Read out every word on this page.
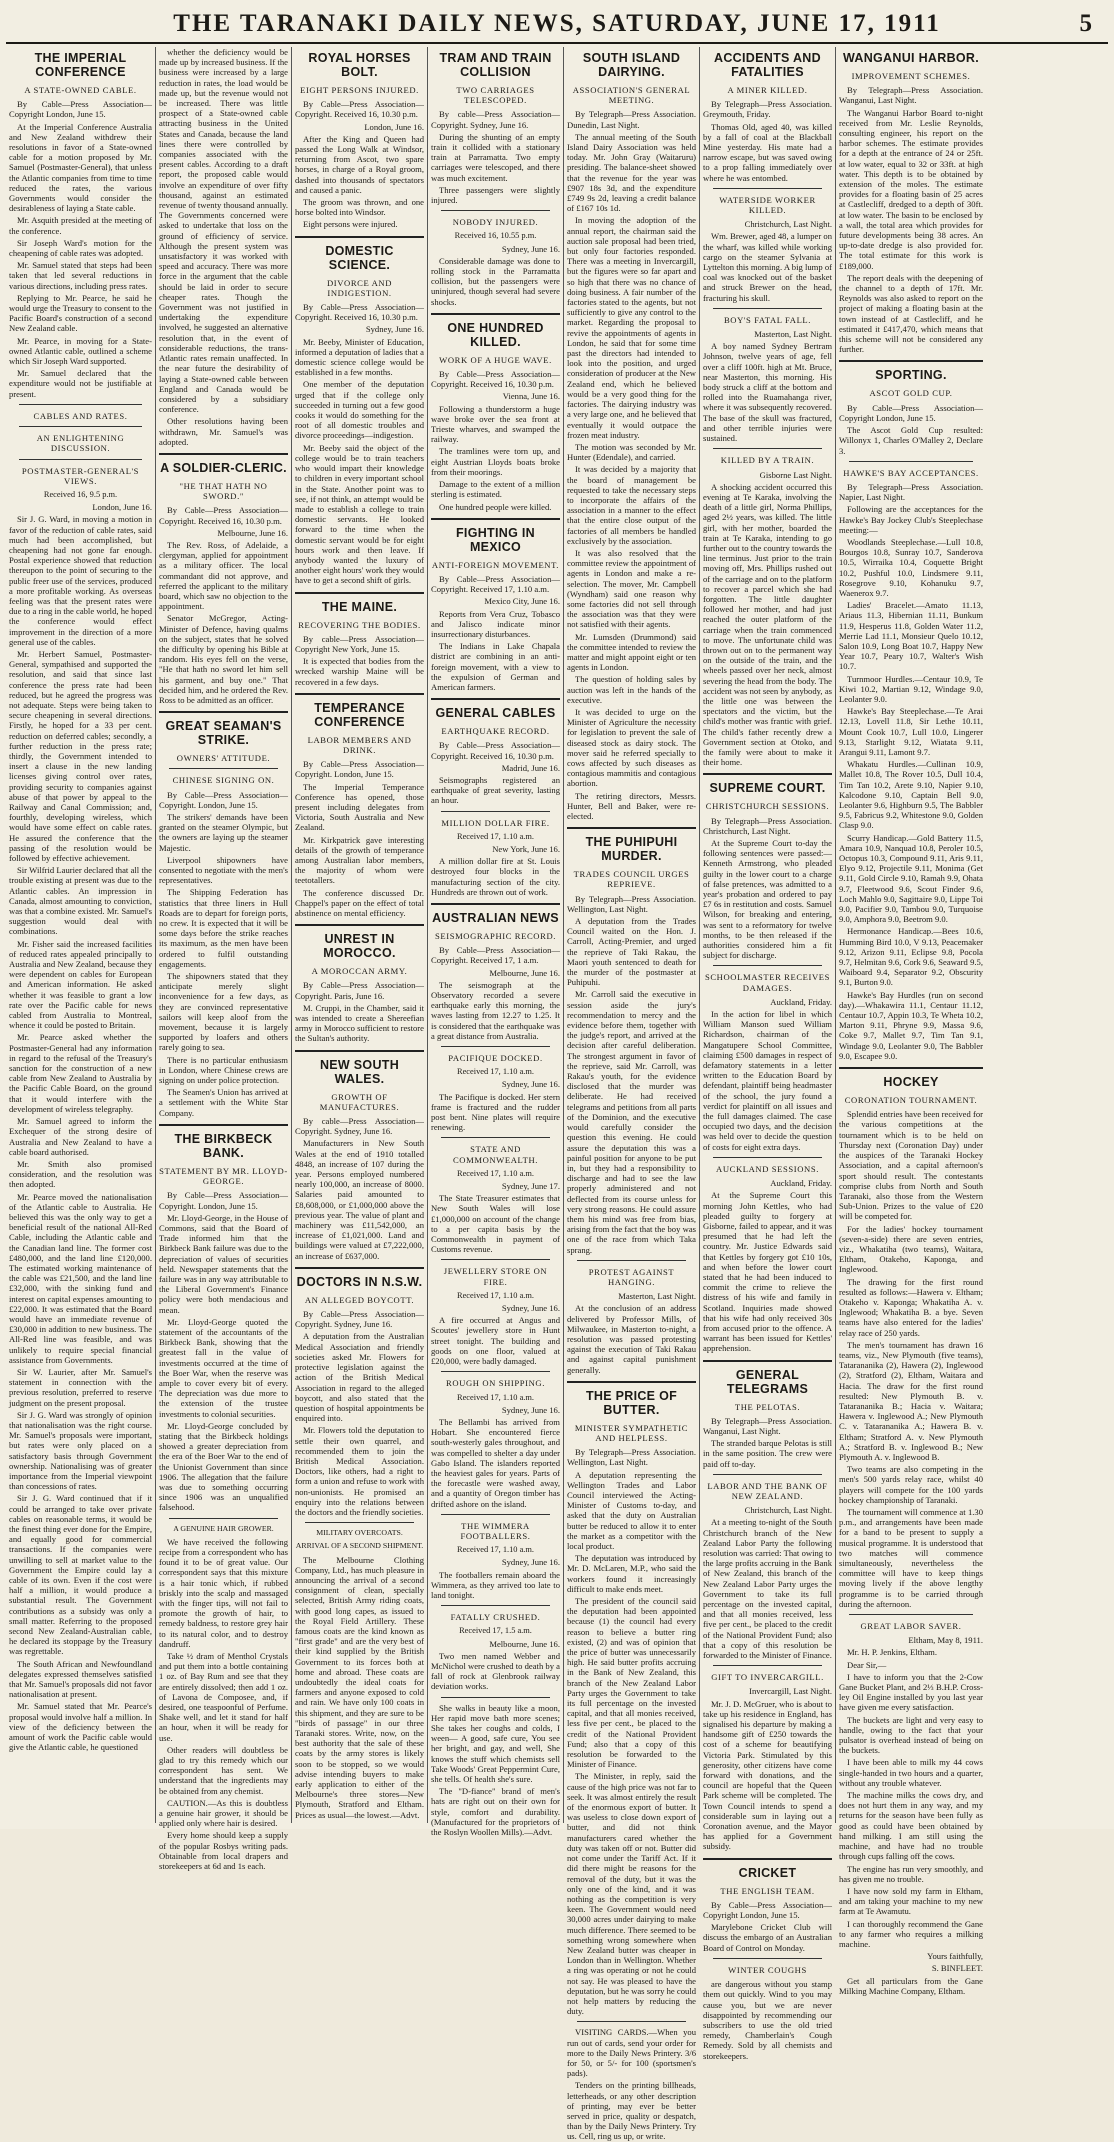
THE TARANAKI DAILY NEWS, SATURDAY, JUNE 17, 1911	5
THE IMPERIAL CONFERENCE
A STATE-OWNED CABLE.
By Cable—Press Association—Copyright London, June 15.
At the Imperial Conference Australia and New Zealand withdrew their resolutions in favor of a State-owned cable for a motion proposed by Mr. Samuel (Postmaster-General), that unless the Atlantic companies from time to time reduced the rates, the various Governments would consider the desirableness of laying a State cable.
Mr. Asquith presided at the meeting of the conference.
Sir Joseph Ward's motion for the cheapening of cable rates was adopted.
Mr. Samuel stated that steps had been taken that led several reductions in various directions, including press rates.
Replying to Mr. Pearce, he said he would urge the Treasury to consent to the Pacific Board's construction of a second New Zealand cable.
Mr. Pearce, in moving for a State-owned Atlantic cable, outlined a scheme which Sir Joseph Ward supported.
Mr. Samuel declared that the expenditure would not be justifiable at present.
CABLES AND RATES.
AN ENLIGHTENING DISCUSSION.
POSTMASTER-GENERAL'S VIEWS.
Received 16, 9.5 p.m.
London, June 16.
Sir J. G. Ward, in moving a motion in favor of the reduction of cable rates, said much had been accomplished, but cheapening had not gone far enough. Postal experience showed that reduction thereupon to the point of securing to the public freer use of the services, produced a more profitable working. As overseas feeling was that the present rates were due to a ring in the cable world, he hoped the conference would effect improvement in the direction of a more general use of the cables.
Mr. Herbert Samuel, Postmaster-General, sympathised and supported the resolution, and said that since last conference the press rate had been reduced, but he agreed the progress was not adequate. Steps were being taken to secure cheapening in several directions. Firstly, he hoped for a 33 per cent. reduction on deferred cables; secondly, a further reduction in the press rate; thirdly, the Government intended to insert a clause in the new landing licenses giving control over rates, providing security to companies against abuse of that power by appeal to the Railway and Canal Commission; and, fourthly, developing wireless, which would have some effect on cable rates. He assured the conference that the passing of the resolution would be followed by effective achievement.
Sir Wilfrid Laurier declared that all the trouble existing at present was due to the Atlantic cables. An impression in Canada, almost amounting to conviction, was that a combine existed. Mr. Samuel's suggestion would deal with combinations.
Mr. Fisher said the increased facilities of reduced rates appealed principally to Australia and New Zealand, because they were dependent on cables for European and American information. He asked whether it was feasible to grant a low rate over the Pacific cable for news cabled from Australia to Montreal, whence it could be posted to Britain.
Mr. Pearce asked whether the Postmaster-General had any information in regard to the refusal of the Treasury's sanction for the construction of a new cable from New Zealand to Australia by the Pacific Cable Board, on the ground that it would interfere with the development of wireless telegraphy.
Mr. Samuel agreed to inform the Exchequer of the strong desire of Australia and New Zealand to have a cable board authorised.
Mr. Smith also promised consideration, and the resolution was then adopted.
Mr. Pearce moved the nationalisation of the Atlantic cable to Australia. He believed this was the only way to get a beneficial result of the national All-Red Cable, including the Atlantic cable and the Canadian land line. The former cost £480,000, and the land line £120,000. The estimated working maintenance of the cable was £21,500, and the land line £32,000, with the sinking fund and interest on capital expenses amounting to £22,000. It was estimated that the Board would have an immediate revenue of £30,000 in addition to new business. The All-Red line was feasible, and was unlikely to require special financial assistance from Governments.
Sir W. Laurier, after Mr. Samuel's statement in connection with the previous resolution, preferred to reserve judgment on the present proposal.
Sir J. G. Ward was strongly of opinion that nationalisation was the right course. Mr. Samuel's proposals were important, but rates were only placed on a satisfactory basis through Government ownership. Nationalising was of greater importance from the Imperial viewpoint than concessions of rates.
Sir J. G. Ward continued that if it could be arranged to take over private cables on reasonable terms, it would be the finest thing ever done for the Empire, and equally good for commercial transactions. If the companies were unwilling to sell at market value to the Government the Empire could lay a cable of its own. Even if the cost were half a million, it would produce a substantial result. The Government contributions as a subsidy was only a small matter. Referring to the proposed second New Zealand-Australian cable, he declared its stoppage by the Treasury was regrettable.
The South African and Newfoundland delegates expressed themselves satisfied that Mr. Samuel's proposals did not favor nationalisation at present.
Mr. Samuel stated that Mr. Pearce's proposal would involve half a million. In view of the deficiency between the amount of work the Pacific cable would give the Atlantic cable, he questioned
whether the deficiency would be made up by increased business. If the business were increased by a large reduction in rates, the load would be made up, but the revenue would not be increased. There was little prospect of a State-owned cable attracting business in the United States and Canada, because the land lines there were controlled by companies associated with the present cables. According to a draft report, the proposed cable would involve an expenditure of over fifty thousand, against an estimated revenue of twenty thousand annually. The Governments concerned were asked to undertake that loss on the ground of efficiency of service. Although the present system was unsatisfactory it was worked with speed and accuracy. There was more force in the argument that the cable should be laid in order to secure cheaper rates. Though the Government was not justified in undertaking the expenditure involved, he suggested an alternative resolution that, in the event of considerable reductions, the trans-Atlantic rates remain unaffected. In the near future the desirability of laying a State-owned cable between England and Canada would be considered by a subsidiary conference.
Other resolutions having been withdrawn, Mr. Samuel's was adopted.
A SOLDIER-CLERIC.
"HE THAT HATH NO SWORD."
By Cable—Press Association—Copyright. Received 16, 10.30 p.m.
Melbourne, June 16.
The Rev. Ross, of Adelaide, a clergyman, applied for appointment as a military officer. The local commandant did not approve, and referred the applicant to the military board, which saw no objection to the appointment.
Senator McGregor, Acting-Minister of Defence, having qualms on the subject, states that he solved the difficulty by opening his Bible at random. His eyes fell on the verse, "He that hath no sword let him sell his garment, and buy one." That decided him, and he ordered the Rev. Ross to be admitted as an officer.
GREAT SEAMAN'S STRIKE.
OWNERS' ATTITUDE.
CHINESE SIGNING ON.
By Cable—Press Association—Copyright. London, June 15.
The strikers' demands have been granted on the steamer Olympic, but the owners are laying up the steamer Majestic.
Liverpool shipowners have consented to negotiate with the men's representatives.
The Shipping Federation has statistics that three liners in Hull Roads are to depart for foreign ports, no crew. It is expected that it will be some days before the strike reaches its maximum, as the men have been ordered to fulfil outstanding engagements.
The shipowners stated that they anticipate merely slight inconvenience for a few days, as they are convinced representative sailors will keep aloof from the movement, because it is largely supported by loafers and others rarely going to sea.
There is no particular enthusiasm in London, where Chinese crews are signing on under police protection.
The Seamen's Union has arrived at a settlement with the White Star Company.
THE BIRKBECK BANK.
STATEMENT BY MR. LLOYD-GEORGE.
By Cable—Press Association—Copyright. London, June 15.
Mr. Lloyd-George, in the House of Commons, said that the Board of Trade informed him that the Birkbeck Bank failure was due to the depreciation of values of securities held. Newspaper statements that the failure was in any way attributable to the Liberal Government's Finance policy were both mendacious and mean.
Mr. Lloyd-George quoted the statement of the accountants of the Birkbeck Bank, showing that the greatest fall in the value of investments occurred at the time of the Boer War, when the reserve was ample to cover every bit of every. The depreciation was due more to the extension of the trustee investments to colonial securities.
Mr. Lloyd-George concluded by stating that the Birkbeck holdings showed a greater depreciation from the era of the Boer War to the end of the Unionist Government than since 1906. The allegation that the failure was due to something occurring since 1906 was an unqualified falsehood.
A GENUINE HAIR GROWER.
We have received the following recipe from a correspondent who has found it to be of great value. Our correspondent says that this mixture is a hair tonic which, if rubbed briskly into the scalp and massaged with the finger tips, will not fail to promote the growth of hair, to remedy baldness, to restore grey hair to its natural color, and to destroy dandruff.
Take ½ dram of Menthol Crystals and put them into a bottle containing 1 oz. of Bay Rum and see that they are entirely dissolved; then add 1 oz. of Lavona de Composee, and, if desired, one teaspoonful of Perfume. Shake well, and let it stand for half an hour, when it will be ready for use.
Other readers will doubtless be glad to try this remedy which our correspondent has sent. We understand that the ingredients may be obtained from any chemist.
CAUTION.—As this is doubtless a genuine hair grower, it should be applied only where hair is desired.
Every home should keep a supply of the popular Rosbys writing pads. Obtainable from local drapers and storekeepers at 6d and 1s each.
ROYAL HORSES BOLT.
EIGHT PERSONS INJURED.
By Cable—Press Association—Copyright. Received 16, 10.30 p.m.
London, June 16.
After the King and Queen had passed the Long Walk at Windsor, returning from Ascot, two spare horses, in charge of a Royal groom, dashed into thousands of spectators and caused a panic.
The groom was thrown, and one horse bolted into Windsor.
Eight persons were injured.
DOMESTIC SCIENCE.
DIVORCE AND INDIGESTION.
By Cable—Press Association—Copyright. Received 16, 10.30 p.m.
Sydney, June 16.
Mr. Beeby, Minister of Education, informed a deputation of ladies that a domestic science college would be established in a few months.
One member of the deputation urged that if the college only succeeded in turning out a few good cooks it would do something for the root of all domestic troubles and divorce proceedings—indigestion.
Mr. Beeby said the object of the college would be to train teachers who would impart their knowledge to children in every important school in the State. Another point was to see, if not think, an attempt would be made to establish a college to train domestic servants. He looked forward to the time when the domestic servant would be for eight hours work and then leave. If anybody wanted the luxury of another eight hours' work they would have to get a second shift of girls.
THE MAINE.
RECOVERING THE BODIES.
By cable—Press Association—Copyright New York, June 15.
It is expected that bodies from the wrecked warship Maine will be recovered in a few days.
TEMPERANCE CONFERENCE
LABOR MEMBERS AND DRINK.
By Cable—Press Association—Copyright. London, June 15.
The Imperial Temperance Conference has opened, those present including delegates from Victoria, South Australia and New Zealand.
Mr. Kirkpatrick gave interesting details of the growth of temperance among Australian labor members, the majority of whom were teetotallers.
The conference discussed Dr. Chappel's paper on the effect of total abstinence on mental efficiency.
UNREST IN MOROCCO.
A MOROCCAN ARMY.
By Cable—Press Association—Copyright. Paris, June 16.
M. Cruppi, in the Chamber, said it was intended to create a Shereefian army in Morocco sufficient to restore the Sultan's authority.
NEW SOUTH WALES.
GROWTH OF MANUFACTURES.
By cable—Press Association—Copyright. Sydney, June 16.
Manufacturers in New South Wales at the end of 1910 totalled 4848, an increase of 107 during the year. Persons employed numbered nearly 100,000, an increase of 8000. Salaries paid amounted to £8,608,000, or £1,000,000 above the previous year. The value of plant and machinery was £11,542,000, an increase of £1,021,000. Land and buildings were valued at £7,222,000, an increase of £637,000.
DOCTORS IN N.S.W.
AN ALLEGED BOYCOTT.
By Cable—Press Association—Copyright. Sydney, June 16.
A deputation from the Australian Medical Association and friendly societies asked Mr. Flowers for protective legislation against the action of the British Medical Association in regard to the alleged boycott, and also stated that the question of hospital appointments be enquired into.
Mr. Flowers told the deputation to settle their own quarrel, and recommended them to join the British Medical Association. Doctors, like others, had a right to form a union and refuse to work with non-unionists. He promised an enquiry into the relations between the doctors and the friendly societies.
MILITARY OVERCOATS.
ARRIVAL OF A SECOND SHIPMENT.
The Melbourne Clothing Company, Ltd., has much pleasure in announcing the arrival of a second consignment of clean, specially selected, British Army riding coats, with good long capes, as issued to the Royal Field Artillery. These famous coats are the kind known as "first grade" and are the very best of their kind supplied by the British Government to its forces both at home and abroad. These coats are undoubtedly the ideal coats for farmers and anyone exposed to cold and rain. We have only 100 coats in this shipment, and they are sure to be "birds of passage" in our three Taranaki stores. Write, now, on the best authority that the sale of these coats by the army stores is likely soon to be stopped, so we would advise intending buyers to make early application to either of the Melbourne's three stores—New Plymouth, Stratford and Eltham. Prices as usual—the lowest.—Advt.
TRAM AND TRAIN COLLISION
TWO CARRIAGES TELESCOPED.
By cable—Press Association—Copyright. Sydney, June 16.
During the shunting of an empty train it collided with a stationary train at Parramatta. Two empty carriages were telescoped, and there was much excitement.
Three passengers were slightly injured.
NOBODY INJURED.
Received 16, 10.55 p.m.
Sydney, June 16.
Considerable damage was done to rolling stock in the Parramatta collision, but the passengers were uninjured, though several had severe shocks.
ONE HUNDRED KILLED.
WORK OF A HUGE WAVE.
By Cable—Press Association—Copyright. Received 16, 10.30 p.m.
Vienna, June 16.
Following a thunderstorm a huge wave broke over the sea front at Trieste wharves, and swamped the railway.
The tramlines were torn up, and eight Austrian Lloyds boats broke from their moorings.
Damage to the extent of a million sterling is estimated.
One hundred people were killed.
FIGHTING IN MEXICO
ANTI-FOREIGN MOVEMENT.
By Cable—Press Association—Copyright. Received 17, 1.10 a.m.
Mexico City, June 16.
Reports from Vera Cruz, Tobasco and Jalisco indicate minor insurrectionary disturbances.
The Indians in Lake Chapala district are combining in an anti-foreign movement, with a view to the expulsion of German and American farmers.
GENERAL CABLES
EARTHQUAKE RECORD.
By Cable—Press Association—Copyright. Received 16, 10.30 p.m.
Madrid, June 16.
Seismographs registered an earthquake of great severity, lasting an hour.
MILLION DOLLAR FIRE.
Received 17, 1.10 a.m.
New York, June 16.
A million dollar fire at St. Louis destroyed four blocks in the manufacturing section of the city. Hundreds are thrown out of work.
AUSTRALIAN NEWS
SEISMOGRAPHIC RECORD.
By Cable—Press Association—Copyright. Received 17, 1 a.m.
Melbourne, June 16.
The seismograph at the Observatory recorded a severe earthquake early this morning, the waves lasting from 12.27 to 1.25. It is considered that the earthquake was a great distance from Australia.
PACIFIQUE DOCKED.
Received 17, 1.10 a.m.
Sydney, June 16.
The Pacifique is docked. Her stern frame is fractured and the rudder post bent. Nine plates will require renewing.
STATE AND COMMONWEALTH.
Received 17, 1.10 a.m.
Sydney, June 17.
The State Treasurer estimates that New South Wales will lose £1,000,000 on account of the change to a per capita basis by the Commonwealth in payment of Customs revenue.
JEWELLERY STORE ON FIRE.
Received 17, 1.10 a.m.
Sydney, June 16.
A fire occurred at Angus and Scoutes' jewellery store in Hunt street tonight. The building and goods on one floor, valued at £20,000, were badly damaged.
ROUGH ON SHIPPING.
Received 17, 1.10 a.m.
Sydney, June 16.
The Bellambi has arrived from Hobart. She encountered fierce south-westerly gales throughout, and was compelled to shelter a day under Gabo Island. The islanders reported the heaviest gales for years. Parts of the forecastle were washed away, and a quantity of Oregon timber has drifted ashore on the island.
THE WIMMERA FOOTBALLERS.
Received 17, 1.10 a.m.
Sydney, June 16.
The footballers remain aboard the Wimmera, as they arrived too late to land tonight.
FATALLY CRUSHED.
Received 17, 1.5 a.m.
Melbourne, June 16.
Two men named Webber and McNichol were crushed to death by a fall of rock at Glenbrook railway deviation works.
She walks in beauty like a moon, Her rapid move bath more scenes; She takes her coughs and colds, I ween— A good, safe cure, You see her bright, and gay, and well, She knows the stuff which chemists sell Take Woods' Great Peppermint Cure, she tells. Of health she's sure.
The "D-fiance" brand of men's hats are right out on their own for style, comfort and durability. (Manufactured for the proprietors of the Roslyn Woollen Mills).—Advt.
SOUTH ISLAND DAIRYING.
ASSOCIATION'S GENERAL MEETING.
By Telegraph—Press Association. Dunedin, Last Night.
The annual meeting of the South Island Dairy Association was held today. Mr. John Gray (Waitaruru) presiding. The balance-sheet showed that the revenue for the year was £907 18s 3d, and the expenditure £749 9s 2d, leaving a credit balance of £167 10s 1d.
In moving the adoption of the annual report, the chairman said the auction sale proposal had been tried, but only four factories responded. There was a meeting in Invercargill, but the figures were so far apart and so high that there was no chance of doing business. A fair number of the factories stated to the agents, but not sufficiently to give any control to the market. Regarding the proposal to revive the appointments of agents in London, he said that for some time past the directors had intended to look into the position, and urged consideration of producer at the New Zealand end, which he believed would be a very good thing for the factories. The dairying industry was a very large one, and he believed that eventually it would outpace the frozen meat industry.
The motion was seconded by Mr. Hunter (Edendale), and carried.
It was decided by a majority that the board of management be requested to take the necessary steps to incorporate the affairs of the association in a manner to the effect that the entire close output of the factories of all members be handled exclusively by the association.
It was also resolved that the committee review the appointment of agents in London and make a re-selection. The mover, Mr. Campbell (Wyndham) said one reason why some factories did not sell through the association was that they were not satisfied with their agents.
Mr. Lumsden (Drummond) said the committee intended to review the matter and might appoint eight or ten agents in London.
The question of holding sales by auction was left in the hands of the executive.
It was decided to urge on the Minister of Agriculture the necessity for legislation to prevent the sale of diseased stock as dairy stock. The mover said he referred specially to cows affected by such diseases as contagious mammitis and contagious abortion.
The retiring directors, Messrs. Hunter, Bell and Baker, were re-elected.
THE PUHIPUHI MURDER.
TRADES COUNCIL URGES REPRIEVE.
By Telegraph—Press Association. Wellington, Last Night.
A deputation from the Trades Council waited on the Hon. J. Carroll, Acting-Premier, and urged the reprieve of Taki Rakau, the Maori youth sentenced to death for the murder of the postmaster at Puhipuhi.
Mr. Carroll said the executive in session aside the jury's recommendation to mercy and the evidence before them, together with the judge's report, and arrived at the decision after careful deliberation. The strongest argument in favor of the reprieve, said Mr. Carroll, was Rakau's youth, for the evidence disclosed that the murder was deliberate. He had received telegrams and petitions from all parts of the Dominion, and the executive would carefully consider the question this evening. He could assure the deputation this was a painful position for anyone to be put in, but they had a responsibility to discharge and had to see the law properly administered and not deflected from its course unless for very strong reasons. He could assure them his mind was free from bias, arising from the fact that the boy was one of the race from which Taka sprang.
PROTEST AGAINST HANGING.
Masterton, Last Night.
At the conclusion of an address delivered by Professor Mills, of Milwaukee, in Masterton to-night, a resolution was passed protesting against the execution of Taki Rakau and against capital punishment generally.
THE PRICE OF BUTTER.
MINISTER SYMPATHETIC AND HELPLESS.
By Telegraph—Press Association. Wellington, Last Night.
A deputation representing the Wellington Trades and Labor Council interviewed the Acting-Minister of Customs to-day, and asked that the duty on Australian butter be reduced to allow it to enter the market as a competitor with the local product.
The deputation was introduced by Mr. D. McLaren, M.P., who said the workers found it increasingly difficult to make ends meet.
The president of the council said the deputation had been appointed because (1) the council had every reason to believe a butter ring existed, (2) and was of opinion that the price of butter was unnecessarily high. He said butter profits accruing in the Bank of New Zealand, this branch of the New Zealand Labor Party urges the Government to take its full percentage on the invested capital, and that all monies received, less five per cent., be placed to the credit of the National Provident Fund; also that a copy of this resolution be forwarded to the Minister of Finance.
The Minister, in reply, said the cause of the high price was not far to seek. It was almost entirely the result of the enormous export of butter. It was useless to close down export of butter, and did not think manufacturers cared whether the duty was taken off or not. Butter did not come under the Tariff Act. If it did there might be reasons for the removal of the duty, but it was the only one of the kind, and it was nothing as the competition is very keen. The Government would need 30,000 acres under dairying to make much difference. There seemed to be something wrong somewhere when New Zealand butter was cheaper in London than in Wellington. Whether a ring was operating or not he could not say. He was pleased to have the deputation, but he was sorry he could not help matters by reducing the duty.
VISITING CARDS.—When you run out of cards, send your order for more to the Daily News Printery. 3/6 for 50, or 5/- for 100 (sportsmen's pads).
Tenders on the printing billheads, letterheads, or any other description of printing, may ever be better served in price, quality or despatch, than by the Daily News Printery. Try us. Cell, ring us up, or write.
ACCIDENTS AND FATALITIES
A MINER KILLED.
By Telegraph—Press Association. Greymouth, Friday.
Thomas Old, aged 40, was killed by a fall of coal at the Blackball Mine yesterday. His mate had a narrow escape, but was saved owing to a prop falling immediately over where he was entombed.
WATERSIDE WORKER KILLED.
Christchurch, Last Night.
Wm. Brewer, aged 48, a lumper on the wharf, was killed while working cargo on the steamer Sylvania at Lyttelton this morning. A big lump of coal was knocked out of the basket and struck Brewer on the head, fracturing his skull.
BOY'S FATAL FALL.
Masterton, Last Night.
A boy named Sydney Bertram Johnson, twelve years of age, fell over a cliff 100ft. high at Mt. Bruce, near Masterton, this morning. His body struck a cliff at the bottom and rolled into the Ruamahanga river, where it was subsequently recovered. The base of the skull was fractured, and other terrible injuries were sustained.
KILLED BY A TRAIN.
Gisborne Last Night.
A shocking accident occurred this evening at Te Karaka, involving the death of a little girl, Norma Phillips, aged 2½ years, was killed. The little girl, with her mother, boarded the train at Te Karaka, intending to go further out to the country towards the line terminus. Just prior to the train moving off, Mrs. Phillips rushed out of the carriage and on to the platform to recover a parcel which she had forgotten. The little daughter followed her mother, and had just reached the outer platform of the carriage when the train commenced to move. The unfortunate child was thrown out on to the permanent way on the outside of the train, and the wheels passed over her neck, almost severing the head from the body. The accident was not seen by anybody, as the little one was between the spectators and the victim, but the child's mother was frantic with grief. The child's father recently drew a Government section at Otoko, and the family were about to make it their home.
SUPREME COURT.
CHRISTCHURCH SESSIONS.
By Telegraph—Press Association. Christchurch, Last Night.
At the Supreme Court to-day the following sentences were passed:—Kenneth Armstrong, who pleaded guilty in the lower court to a charge of false pretences, was admitted to a year's probation and ordered to pay £7 6s in restitution and costs. Samuel Wilson, for breaking and entering, was sent to a reformatory for twelve months, to be then released if the authorities considered him a fit subject for discharge.
SCHOOLMASTER RECEIVES DAMAGES.
Auckland, Friday.
In the action for libel in which William Manson sued William Richardson, chairman of the Mangatupere School Committee, claiming £500 damages in respect of defamatory statements in a letter written to the Education Board by defendant, plaintiff being headmaster of the school, the jury found a verdict for plaintiff on all issues and the full damages claimed. The case occupied two days, and the decision was held over to decide the question of costs for eight extra days.
AUCKLAND SESSIONS.
Auckland, Friday.
At the Supreme Court this morning John Kettles, who had pleaded guilty to forgery at Gisborne, failed to appear, and it was presumed that he had left the country. Mr. Justice Edwards said that Kettles by forgery got £10 10s, and when before the lower court stated that he had been induced to commit the crime to relieve the distress of his wife and family in Scotland. Inquiries made showed that his wife had only received 30s from accused prior to the offence. A warrant has been issued for Kettles' apprehension.
GENERAL TELEGRAMS
THE PELOTAS.
By Telegraph—Press Association. Wanganui, Last Night.
The stranded barque Pelotas is still in the same position. The crew were paid off to-day.
LABOR AND THE BANK OF NEW ZEALAND.
Christchurch, Last Night.
At a meeting to-night of the South Christchurch branch of the New Zealand Labor Party the following resolution was carried: That owing to the large profits accruing in the Bank of New Zealand, this branch of the New Zealand Labor Party urges the Government to take its full percentage on the invested capital, and that all monies received, less five per cent., be placed to the credit of the National Provident Fund; also that a copy of this resolution be forwarded to the Minister of Finance.
GIFT TO INVERCARGILL.
Invercargill, Last Night.
Mr. J. D. McGruer, who is about to take up his residence in England, has signalised his departure by making a handsome gift of £250 towards the cost of a scheme for beautifying Victoria Park. Stimulated by this generosity, other citizens have come forward with donations, and the council are hopeful that the Queen Park scheme will be completed. The Town Council intends to spend a considerable sum in laying out a Coronation avenue, and the Mayor has applied for a Government subsidy.
CRICKET
THE ENGLISH TEAM.
By Cable—Press Association—Copyright London, June 15.
Marylebone Cricket Club will discuss the embargo of an Australian Board of Control on Monday.
WINTER COUGHS
are dangerous without you stamp them out quickly. Wind to you may cause you, but we are never disappointed by recommending our subscribers to use the old tried remedy, Chamberlain's Cough Remedy. Sold by all chemists and storekeepers.
WANGANUI HARBOR.
IMPROVEMENT SCHEMES.
By Telegraph—Press Association. Wanganui, Last Night.
The Wanganui Harbor Board to-night received from Mr. Leslie Reynolds, consulting engineer, his report on the harbor schemes. The estimate provides for a depth at the entrance of 24 or 25ft. at low water, equal to 32 or 33ft. at high water. This depth is to be obtained by extension of the moles. The estimate provides for a floating basin of 25 acres at Castlecliff, dredged to a depth of 30ft. at low water. The basin to be enclosed by a wall, the total area which provides for future developments being 38 acres. An up-to-date dredge is also provided for. The total estimate for this work is £189,000.
The report deals with the deepening of the channel to a depth of 17ft. Mr. Reynolds was also asked to report on the project of making a floating basin at the town instead of at Castlecliff, and he estimated it £417,470, which means that this scheme will not be considered any further.
SPORTING.
ASCOT GOLD CUP.
By Cable—Press Association—Copyright London, June 15.
The Ascot Gold Cup resulted: Willonyx 1, Charles O'Malley 2, Declare 3.
HAWKE'S BAY ACCEPTANCES.
By Telegraph—Press Association. Napier, Last Night.
Following are the acceptances for the Hawke's Bay Jockey Club's Steeplechase meeting:—
Woodlands Steeplechase.—Lull 10.8, Bourgos 10.8, Sunray 10.7, Sanderova 10.5, Wirraika 10.4, Coquette Bright 10.2, Pushful 10.0, Lindsmere 9.11, Rosegrove 9.10, Kohanuku 9.7, Waenerox 9.7.
Ladies' Bracelet.—Amato 11.13, Ariaus 11.3, Hibernian 11.11, Bunkum 11.9, Hesperus 11.8, Golden Water 11.2, Merrie Lad 11.1, Monsieur Quelo 10.12, Salon 10.9, Long Boat 10.7, Happy New Year 10.7, Peary 10.7, Walter's Wish 10.7.
Turnmoor Hurdles.—Centaur 10.9, Te Kiwi 10.2, Martian 9.12, Windage 9.0, Leolanter 9.0.
Hawke's Bay Steeplechase.—Te Arai 12.13, Lovell 11.8, Sir Lethe 10.11, Mount Cook 10.7, Lull 10.0, Lingerer 9.13, Starlight 9.12, Wiatata 9.11, Arangui 9.11, Lamont 9.7.
Whakatu Hurdles.—Cullinan 10.9, Mallet 10.8, The Rover 10.5, Dull 10.4, Tim Tan 10.2, Arete 9.10, Napier 9.10, Kalcodone 9.10, Captain Bell 9.0, Leolanter 9.6, Highburn 9.5, The Babbler 9.5, Fabricus 9.2, Whitestone 9.0, Golden Clasp 9.0.
Scurry Handicap.—Gold Battery 11.5, Amara 10.9, Nanquad 10.8, Peroler 10.5, Octopus 10.3, Compound 9.11, Aris 9.11, Elyo 9.12, Projectile 9.11, Monima (Get 9.11, Gold Circle 9.10, Ramah 9.9, Ohata 9.7, Fleetwood 9.6, Scout Finder 9.6, Loch Mahlo 9.0, Sagittaire 9.0, Lippe Toi 9.0, Pacifier 9.0, Tambou 9.0, Turquoise 9.0, Amphora 9.0, Beetrom 9.0.
Hermonance Handicap.—Bees 10.6, Humming Bird 10.0, V 9.13, Peacemaker 9.12, Arizon 9.11, Eclipse 9.8, Pocola 9.7, Helmitan 9.6, Cork 9.6, Seaward 9.5, Waiboard 9.4, Separator 9.2, Obscurity 9.1, Burton 9.0.
Hawke's Bay Hurdles (run on second day).—Whakawira 11.1, Centaur 11.12, Centaur 10.7, Appin 10.3, Te Wheta 10.2, Marton 9.11, Phryne 9.9, Massa 9.6, Coke 9.7, Mallet 9.7, Tim Tan 9.1, Windage 9.0, Leolanter 9.0, The Babbler 9.0, Escapee 9.0.
HOCKEY
CORONATION TOURNAMENT.
Splendid entries have been received for the various competitions at the tournament which is to be held on Thursday next (Coronation Day) under the auspices of the Taranaki Hockey Association, and a capital afternoon's sport should result. The contestants comprise clubs from North and South Taranaki, also those from the Western Sub-Union. Prizes to the value of £20 will be competed for.
For the ladies' hockey tournament (seven-a-side) there are seven entries, viz., Whakatiha (two teams), Waitara, Eltham, Otakeho, Kaponga, and Inglewood.
The drawing for the first round resulted as follows:—Hawera v. Eltham; Otakeho v. Kaponga; Whakatiha A. v. Inglewood; Whakatiha B. a bye. Seven teams have also entered for the ladies' relay race of 250 yards.
The men's tournament has drawn 16 teams, viz., New Plymouth (five teams), Tatarananika (2), Hawera (2), Inglewood (2), Stratford (2), Eltham, Waitara and Hacia. The draw for the first round resulted: New Plymouth B. v. Tatarananika B.; Hacia v. Waitara; Hawera v. Inglewood A.; New Plymouth C. v. Tatarananika A.; Hawera B. v. Eltham; Stratford A. v. New Plymouth A.; Stratford B. v. Inglewood B.; New Plymouth A. v. Inglewood B.
Two teams are also competing in the men's 500 yards relay race, whilst 40 players will compete for the 100 yards hockey championship of Taranaki.
The tournament will commence at 1.30 p.m., and arrangements have been made for a band to be present to supply a musical programme. It is understood that two matches will commence simultaneously, nevertheless the committee will have to keep things moving lively if the above lengthy programme is to be carried through during the afternoon.
GREAT LABOR SAVER.
Eltham, May 8, 1911.
Mr. H. P. Jenkins, Eltham.
Dear Sir,—
I have to inform you that the 2-Cow Gane Bucket Plant, and 2⅓ B.H.P. Cross-ley Oil Engine installed by you last year have given me every satisfaction.
The buckets are light and very easy to handle, owing to the fact that your pulsator is overhead instead of being on the buckets.
I have been able to milk my 44 cows single-handed in two hours and a quarter, without any trouble whatever.
The machine milks the cows dry, and does not hurt them in any way, and my returns for the season have been fully as good as could have been obtained by hand milking. I am still using the machine, and have had no trouble through cups falling off the cows.
The engine has run very smoothly, and has given me no trouble.
I have now sold my farm in Eltham, and am taking your machine to my new farm at Te Awamutu.
I can thoroughly recommend the Gane to any farmer who requires a milking machine.
Yours faithfully,
S. BINFLEET.
Get all particulars from the Gane Milking Machine Company, Eltham.
